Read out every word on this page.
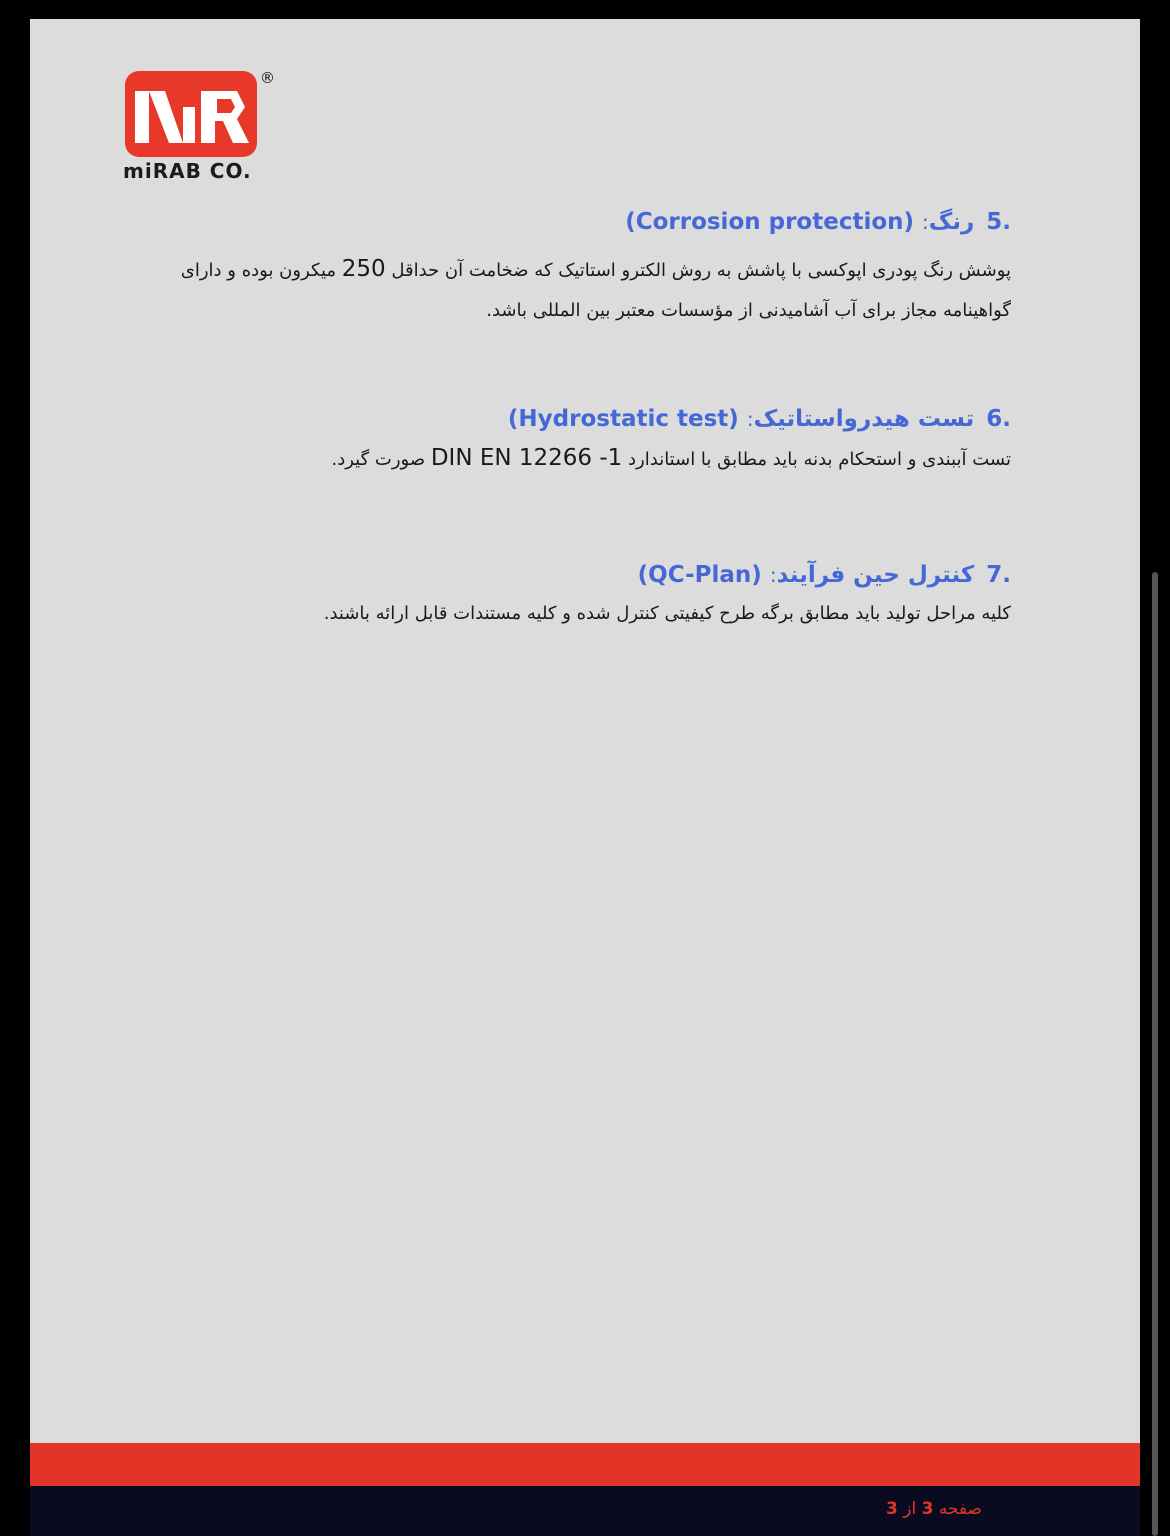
®
miRAB CO.
.5رنگ: (Corrosion protection)
پوشش رنگ پودری اپوکسی با پاشش به روش الکترو استاتیک که ضخامت آن حداقل 250 میکرون بوده و دارای گواهینامه مجاز برای آب آشامیدنی از مؤسسات معتبر بین المللی باشد.
.6تست هیدرواستاتیک: (Hydrostatic test)
تست آببندی و استحکام بدنه باید مطابق با استاندارد DIN EN 12266 -1 صورت گیرد.
.7کنترل حین فرآیند: (QC-Plan)
کلیه مراحل تولید باید مطابق برگه طرح کیفیتی کنترل شده و کلیه مستندات قابل ارائه باشند.
صفحه 3 از 3
